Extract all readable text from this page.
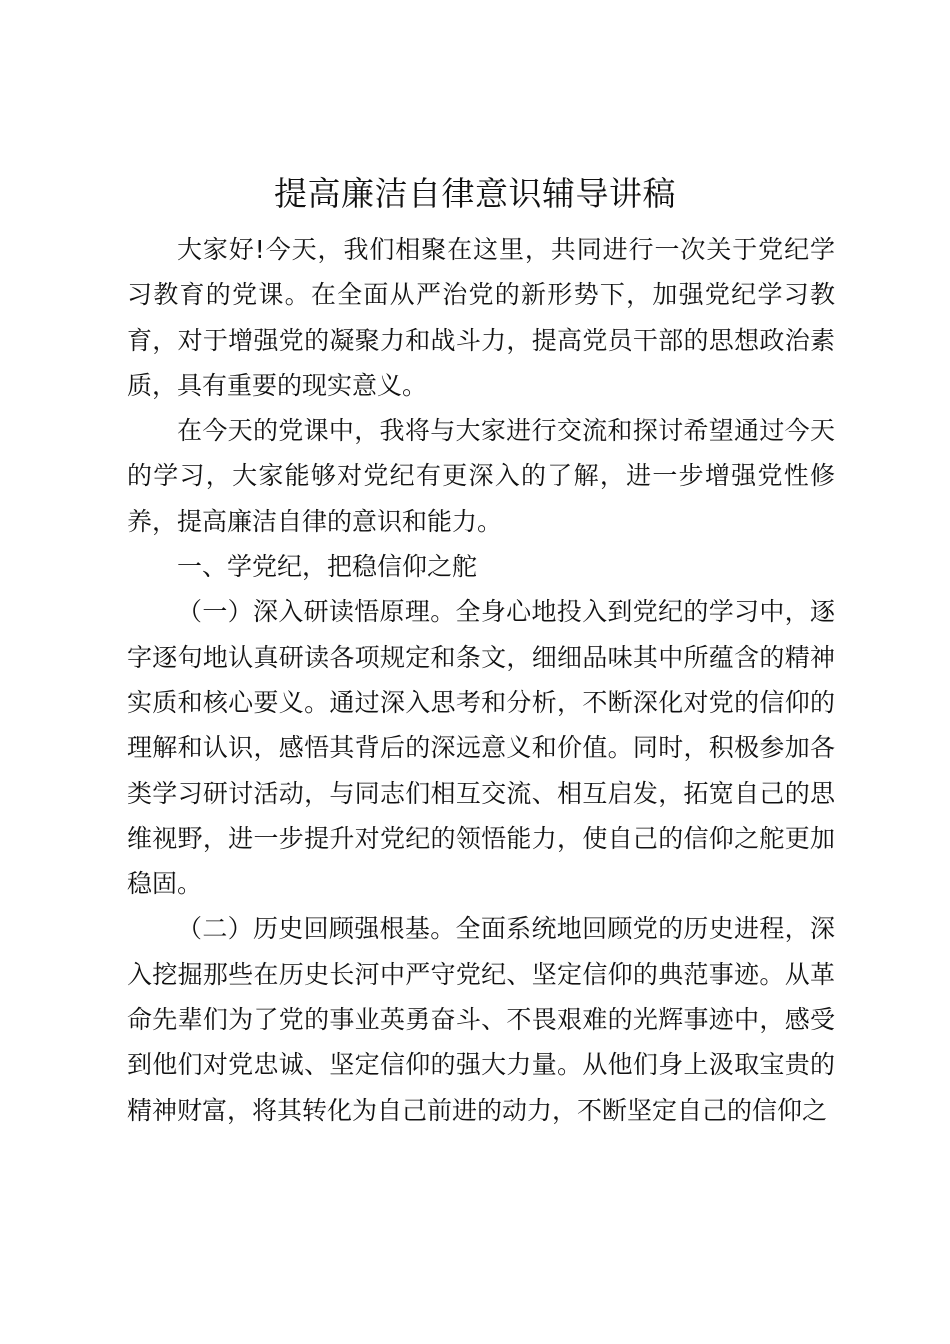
提高廉洁自律意识辅导讲稿

大家好!今天，我们相聚在这里，共同进行一次关于党纪学习教育的党课。在全面从严治党的新形势下，加强党纪学习教育，对于增强党的凝聚力和战斗力，提高党员干部的思想政治素质，具有重要的现实意义。

在今天的党课中，我将与大家进行交流和探讨希望通过今天的学习，大家能够对党纪有更深入的了解，进一步增强党性修养，提高廉洁自律的意识和能力。

一、学党纪，把稳信仰之舵

（一）深入研读悟原理。全身心地投入到党纪的学习中，逐字逐句地认真研读各项规定和条文，细细品味其中所蕴含的精神实质和核心要义。通过深入思考和分析，不断深化对党的信仰的理解和认识，感悟其背后的深远意义和价值。同时，积极参加各类学习研讨活动，与同志们相互交流、相互启发，拓宽自己的思维视野，进一步提升对党纪的领悟能力，使自己的信仰之舵更加稳固。

（二）历史回顾强根基。全面系统地回顾党的历史进程，深入挖掘那些在历史长河中严守党纪、坚定信仰的典范事迹。从革命先辈们为了党的事业英勇奋斗、不畏艰难的光辉事迹中，感受到他们对党忠诚、坚定信仰的强大力量。从他们身上汲取宝贵的精神财富，将其转化为自己前进的动力，不断坚定自己的信仰之
